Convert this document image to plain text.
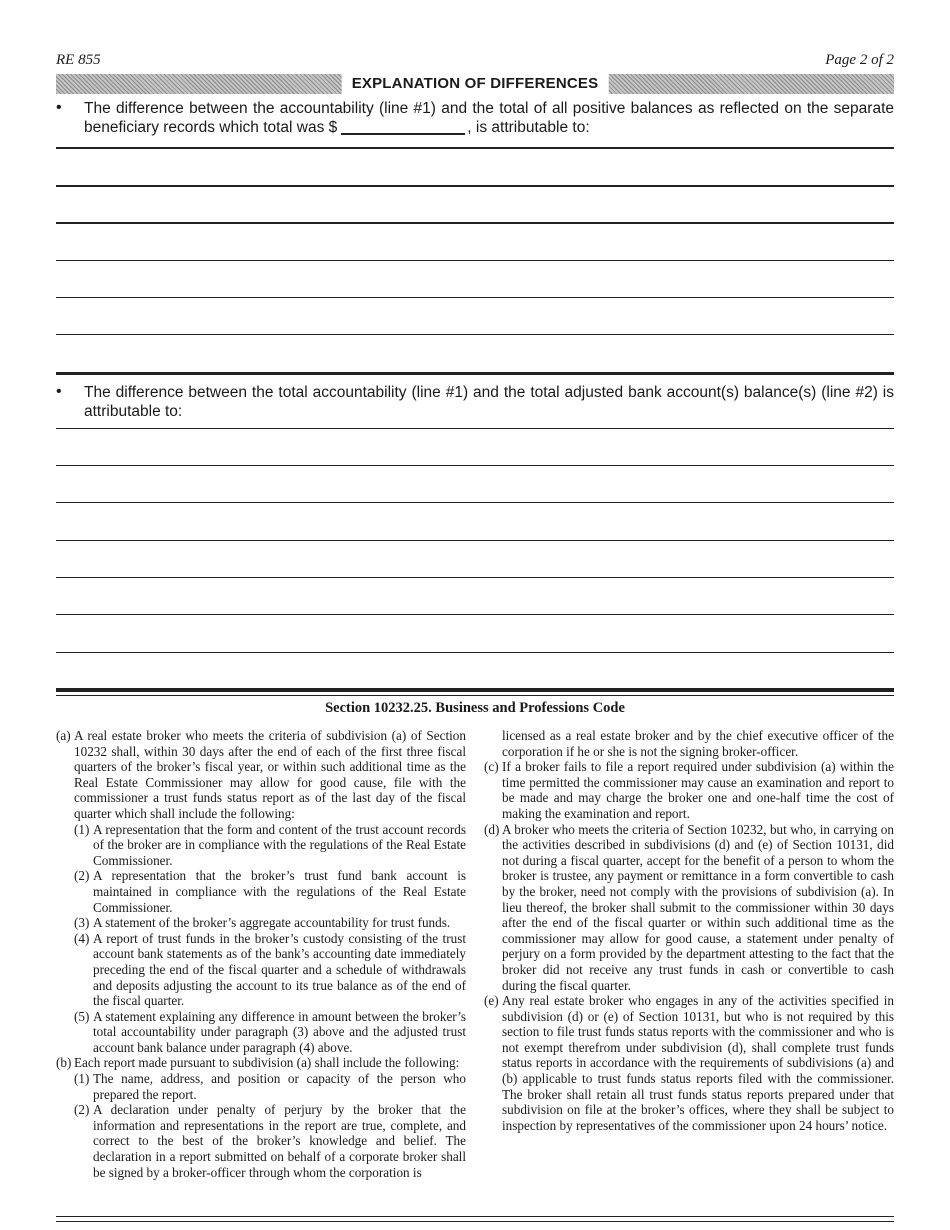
RE 855	Page 2 of 2
EXPLANATION OF DIFFERENCES
• The difference between the accountability (line #1) and the total of all positive balances as reflected on the separate beneficiary records which total was $	, is attributable to:
• The difference between the total accountability (line #1) and the total adjusted bank account(s) balance(s) (line #2) is attributable to:
Section 10232.25. Business and Professions Code

(a) A real estate broker who meets the criteria of subdivision (a) of Section 10232 shall, within 30 days after the end of each of the first three fiscal quarters of the broker’s fiscal year, or within such additional time as the Real Estate Commissioner may allow for good cause, file with the commissioner a trust funds status report as of the last day of the fiscal quarter which shall include the following:

(1) A representation that the form and content of the trust account records of the broker are in compliance with the regulations of the Real Estate Commissioner.

(2) A representation that the broker’s trust fund bank account is maintained in compliance with the regulations of the Real Estate Commissioner.

(3) A statement of the broker’s aggregate accountability for trust funds.

(4) A report of trust funds in the broker’s custody consisting of the trust account bank statements as of the bank’s accounting date immediately preceding the end of the fiscal quarter and a schedule of withdrawals and deposits adjusting the account to its true balance as of the end of the fiscal quarter.

(5) A statement explaining any difference in amount between the broker’s total accountability under paragraph (3) above and the adjusted trust account bank balance under paragraph (4) above.

(b) Each report made pursuant to subdivision (a) shall include the following:

(1) The name, address, and position or capacity of the person who prepared the report.

(2) A declaration under penalty of perjury by the broker that the information and representations in the report are true, complete, and correct to the best of the broker’s knowledge and belief. The declaration in a report submitted on behalf of a corporate broker shall be signed by a broker-officer through whom the corporation is

licensed as a real estate broker and by the chief executive officer of the corporation if he or she is not the signing broker-officer.

(c) If a broker fails to file a report required under subdivision (a) within the time permitted the commissioner may cause an examination and report to be made and may charge the broker one and one-half time the cost of making the examination and report.

(d) A broker who meets the criteria of Section 10232, but who, in carrying on the activities described in subdivisions (d) and (e) of Section 10131, did not during a fiscal quarter, accept for the benefit of a person to whom the broker is trustee, any payment or remittance in a form convertible to cash by the broker, need not comply with the provisions of subdivision (a). In lieu thereof, the broker shall submit to the commissioner within 30 days after the end of the fiscal quarter or within such additional time as the commissioner may allow for good cause, a statement under penalty of perjury on a form provided by the department attesting to the fact that the broker did not receive any trust funds in cash or convertible to cash during the fiscal quarter.

(e) Any real estate broker who engages in any of the activities specified in subdivision (d) or (e) of Section 10131, but who is not required by this section to file trust funds status reports with the commissioner and who is not exempt therefrom under subdivision (d), shall complete trust funds status reports in accordance with the requirements of subdivisions (a) and (b) applicable to trust funds status reports filed with the commissioner. The broker shall retain all trust funds status reports prepared under that subdivision on file at the broker’s offices, where they shall be subject to inspection by representatives of the commissioner upon 24 hours’ notice.
